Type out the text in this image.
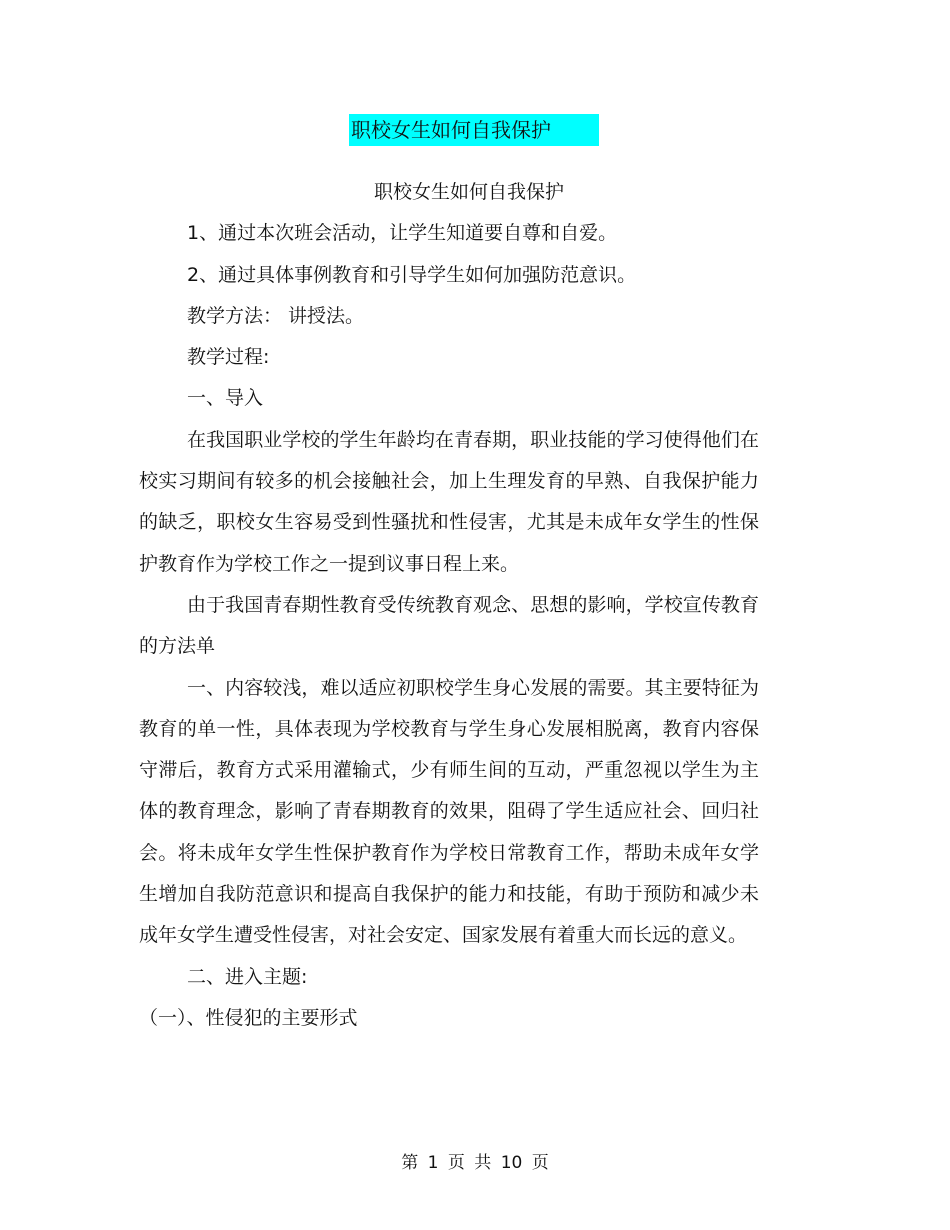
职校女生如何自我保护

职校女生如何自我保护

1、通过本次班会活动，让学生知道要自尊和自爱。

2、通过具体事例教育和引导学生如何加强防范意识。

教学方法： 讲授法。

教学过程:

一、导入

在我国职业学校的学生年龄均在青春期，职业技能的学习使得他们在校实习期间有较多的机会接触社会，加上生理发育的早熟、自我保护能力的缺乏，职校女生容易受到性骚扰和性侵害，尤其是未成年女学生的性保护教育作为学校工作之一提到议事日程上来。

由于我国青春期性教育受传统教育观念、思想的影响，学校宣传教育的方法单

一、内容较浅，难以适应初职校学生身心发展的需要。其主要特征为教育的单一性，具体表现为学校教育与学生身心发展相脱离，教育内容保守滞后，教育方式采用灌输式，少有师生间的互动，严重忽视以学生为主体的教育理念，影响了青春期教育的效果，阻碍了学生适应社会、回归社会。将未成年女学生性保护教育作为学校日常教育工作，帮助未成年女学生增加自我防范意识和提高自我保护的能力和技能，有助于预防和减少未成年女学生遭受性侵害，对社会安定、国家发展有着重大而长远的意义。

二、进入主题:

（一）、性侵犯的主要形式

第 1 页 共 10 页
